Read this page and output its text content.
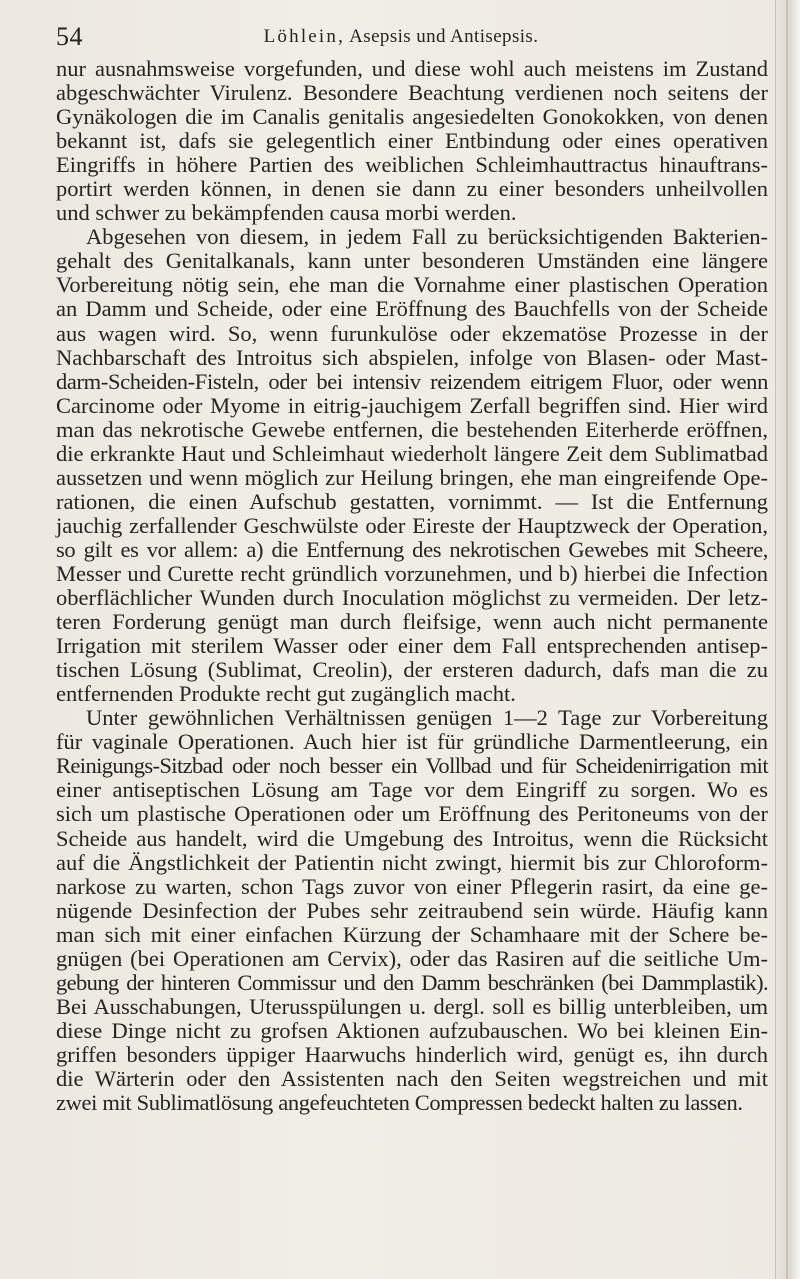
54	Löhlein, Asepsis und Antisepsis.
nur ausnahmsweise vorgefunden, und diese wohl auch meistens im Zustand
abgeschwächter Virulenz. Besondere Beachtung verdienen noch seitens der
Gynäkologen die im Canalis genitalis angesiedelten Gonokokken, von denen
bekannt ist, dafs sie gelegentlich einer Entbindung oder eines operativen
Eingriffs in höhere Partien des weiblichen Schleimhauttractus hinauftrans-
portirt werden können, in denen sie dann zu einer besonders unheilvollen
und schwer zu bekämpfenden causa morbi werden.
Abgesehen von diesem, in jedem Fall zu berücksichtigenden Bakterien-
gehalt des Genitalkanals, kann unter besonderen Umständen eine längere
Vorbereitung nötig sein, ehe man die Vornahme einer plastischen Operation
an Damm und Scheide, oder eine Eröffnung des Bauchfells von der Scheide
aus wagen wird. So, wenn furunkulöse oder ekzematöse Prozesse in der
Nachbarschaft des Introitus sich abspielen, infolge von Blasen- oder Mast-
darm-Scheiden-Fisteln, oder bei intensiv reizendem eitrigem Fluor, oder wenn
Carcinome oder Myome in eitrig-jauchigem Zerfall begriffen sind. Hier wird
man das nekrotische Gewebe entfernen, die bestehenden Eiterherde eröffnen,
die erkrankte Haut und Schleimhaut wiederholt längere Zeit dem Sublimatbad
aussetzen und wenn möglich zur Heilung bringen, ehe man eingreifende Ope-
rationen, die einen Aufschub gestatten, vornimmt. — Ist die Entfernung
jauchig zerfallender Geschwülste oder Eireste der Hauptzweck der Operation,
so gilt es vor allem: a) die Entfernung des nekrotischen Gewebes mit Scheere,
Messer und Curette recht gründlich vorzunehmen, und b) hierbei die Infection
oberflächlicher Wunden durch Inoculation möglichst zu vermeiden. Der letz-
teren Forderung genügt man durch fleifsige, wenn auch nicht permanente
Irrigation mit sterilem Wasser oder einer dem Fall entsprechenden antisep-
tischen Lösung (Sublimat, Creolin), der ersteren dadurch, dafs man die zu
entfernenden Produkte recht gut zugänglich macht.
Unter gewöhnlichen Verhältnissen genügen 1—2 Tage zur Vorbereitung
für vaginale Operationen. Auch hier ist für gründliche Darmentleerung, ein
Reinigungs-Sitzbad oder noch besser ein Vollbad und für Scheidenirrigation mit
einer antiseptischen Lösung am Tage vor dem Eingriff zu sorgen. Wo es
sich um plastische Operationen oder um Eröffnung des Peritoneums von der
Scheide aus handelt, wird die Umgebung des Introitus, wenn die Rücksicht
auf die Ängstlichkeit der Patientin nicht zwingt, hiermit bis zur Chloroform-
narkose zu warten, schon Tags zuvor von einer Pflegerin rasirt, da eine ge-
nügende Desinfection der Pubes sehr zeitraubend sein würde. Häufig kann
man sich mit einer einfachen Kürzung der Schamhaare mit der Schere be-
gnügen (bei Operationen am Cervix), oder das Rasiren auf die seitliche Um-
gebung der hinteren Commissur und den Damm beschränken (bei Dammplastik).
Bei Ausschabungen, Uterusspülungen u. dergl. soll es billig unterbleiben, um
diese Dinge nicht zu grofsen Aktionen aufzubauschen. Wo bei kleinen Ein-
griffen besonders üppiger Haarwuchs hinderlich wird, genügt es, ihn durch
die Wärterin oder den Assistenten nach den Seiten wegstreichen und mit
zwei mit Sublimatlösung angefeuchteten Compressen bedeckt halten zu lassen.
